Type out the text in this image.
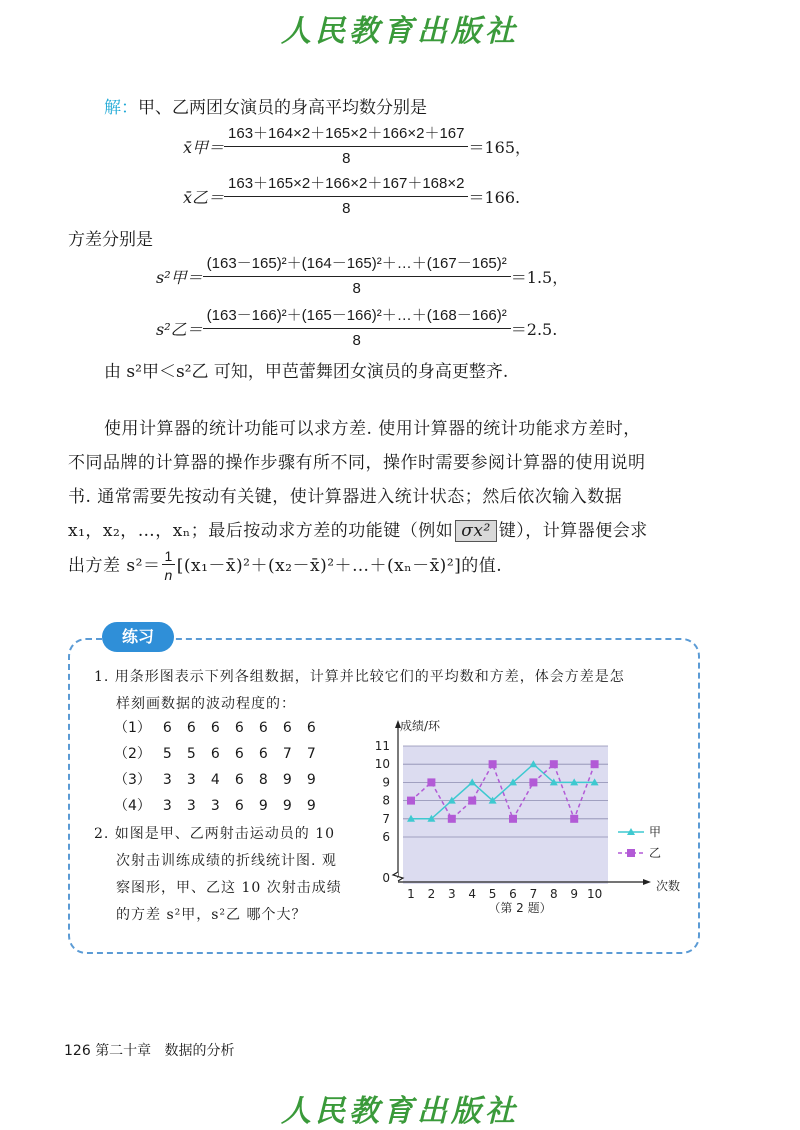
人民教育出版社
解：甲、乙两团女演员的身高平均数分别是
x̄甲＝ $\frac{163+164\times 2+165\times 2+166\times 2+167}{8} =165$，
x̄乙＝ $\frac{163+165\times 2+166\times 2+167+168\times 2}{8} =166$.
方差分别是
s²甲＝ $\frac{\text{(163－165)²＋(164－165)²＋…＋(167－165)²}}{8} =1.5$，
s²乙＝ $\frac{\text{(163－166)²＋(165－166)²＋…＋(168－166)²}}{8} =2.5$.
由 s²甲＜s²乙 可知，甲芭蕾舞团女演员的身高更整齐.
使用计算器的统计功能可以求方差. 使用计算器的统计功能求方差时，
不同品牌的计算器的操作步骤有所不同，操作时需要参阅计算器的使用说明
书. 通常需要先按动有关键，使计算器进入统计状态；然后依次输入数据
x₁，x₂，…，xₙ；最后按动求方差的功能键（例如 σx² 键），计算器便会求
出方差 $s^2= \frac{1}{n}$ [(x₁－x̄)²＋(x₂－x̄)²＋…＋(xₙ－x̄)²]的值.
练习
1. 用条形图表示下列各组数据，计算并比较它们的平均数和方差，体会方差是怎
样刻画数据的波动程度的：
（1） 6 6 6 6 6 6 6
（2） 5 5 6 6 6 7 7
（3） 3 3 4 6 8 9 9
（4） 3 3 3 6 9 9 9
2. 如图是甲、乙两射击运动员的 10
次射击训练成绩的折线统计图. 观
察图形，甲、乙这 10 次射击成绩
的方差 s²甲，s²乙 哪个大？
成绩/环
次数
0
6
7
8
9
10
11
1 2 3 4 5 6 7 8 9 10
甲
乙
（第 2 题）
126 第二十章 数据的分析
人民教育出版社
